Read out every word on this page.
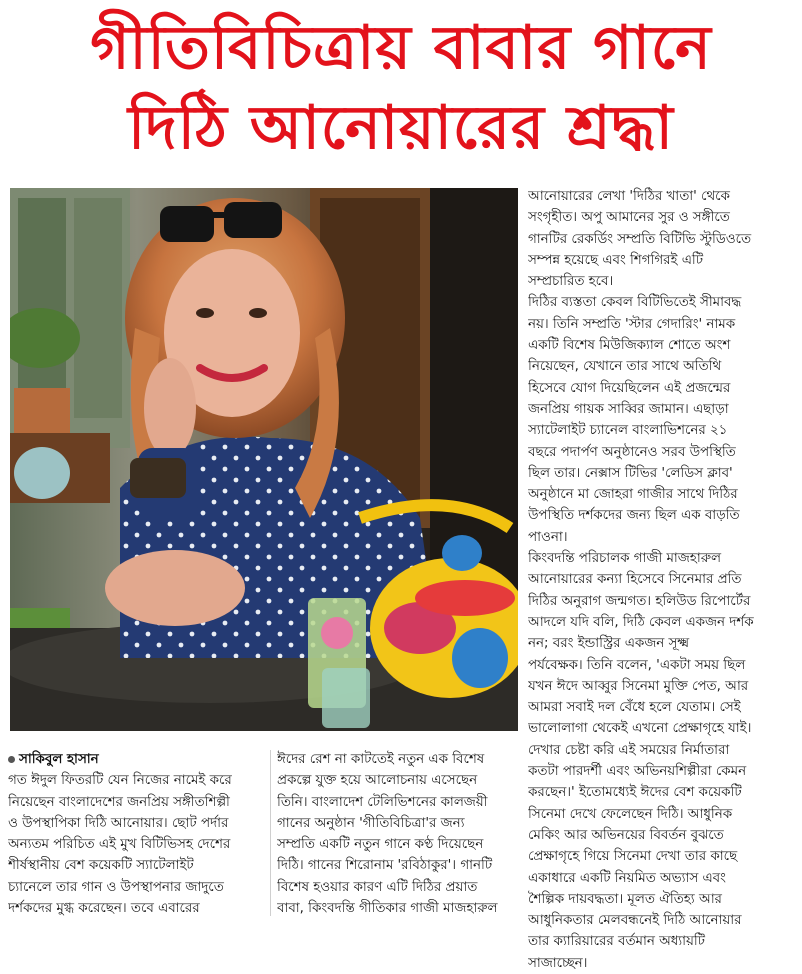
গীতিবিচিত্রায় বাবার গানে
দিঠি আনোয়ারের শ্রদ্ধা

আনোয়ারের লেখা 'দিঠির খাতা' থেকে

সংগৃহীত। অপু আমানের সুর ও সঙ্গীতে

গানটির রেকর্ডিং সম্প্রতি বিটিভি স্টুডিওতে

সম্পন্ন হয়েছে এবং শিগগিরই এটি

সম্প্রচারিত হবে।

দিঠির ব্যস্ততা কেবল বিটিভিতেই সীমাবদ্ধ

নয়। তিনি সম্প্রতি 'স্টার গেদারিং' নামক

একটি বিশেষ মিউজিক্যাল শোতে অংশ

নিয়েছেন, যেখানে তার সাথে অতিথি

হিসেবে যোগ দিয়েছিলেন এই প্রজন্মের

জনপ্রিয় গায়ক সাব্বির জামান। এছাড়া

স্যাটেলাইট চ্যানেল বাংলাভিশনের ২১

বছরে পদার্পণ অনুষ্ঠানেও সরব উপস্থিতি

ছিল তার। নেক্সাস টিভির 'লেডিস ক্লাব'

অনুষ্ঠানে মা জোহরা গাজীর সাথে দিঠির

উপস্থিতি দর্শকদের জন্য ছিল এক বাড়তি

পাওনা।

কিংবদন্তি পরিচালক গাজী মাজহারুল

আনোয়ারের কন্যা হিসেবে সিনেমার প্রতি

দিঠির অনুরাগ জন্মগত। হলিউড রিপোর্টের

আদলে যদি বলি, দিঠি কেবল একজন দর্শক

নন; বরং ইন্ডাস্ট্রির একজন সূক্ষ্ম

পর্যবেক্ষক। তিনি বলেন, 'একটা সময় ছিল

যখন ঈদে আব্বুর সিনেমা মুক্তি পেত, আর

আমরা সবাই দল বেঁধে হলে যেতাম। সেই

ভালোলাগা থেকেই এখনো প্রেক্ষাগৃহে যাই।

দেখার চেষ্টা করি এই সময়ের নির্মাতারা

কতটা পারদর্শী এবং অভিনয়শিল্পীরা কেমন

করছেন।' ইতোমধ্যেই ঈদের বেশ কয়েকটি

সিনেমা দেখে ফেলেছেন দিঠি। আধুনিক

মেকিং আর অভিনয়ের বিবর্তন বুঝতে

প্রেক্ষাগৃহে গিয়ে সিনেমা দেখা তার কাছে

একাধারে একটি নিয়মিত অভ্যাস এবং

শৈল্পিক দায়বদ্ধতা। মূলত ঐতিহ্য আর

আধুনিকতার মেলবন্ধনেই দিঠি আনোয়ার

তার ক্যারিয়ারের বর্তমান অধ্যায়টি

সাজাচ্ছেন।

সাকিবুল হাসান

গত ঈদুল ফিতরটি যেন নিজের নামেই করে

নিয়েছেন বাংলাদেশের জনপ্রিয় সঙ্গীতশিল্পী

ও উপস্থাপিকা দিঠি আনোয়ার। ছোট পর্দার

অন্যতম পরিচিত এই মুখ বিটিভিসহ দেশের

শীর্ষস্থানীয় বেশ কয়েকটি স্যাটেলাইট

চ্যানেলে তার গান ও উপস্থাপনার জাদুতে

দর্শকদের মুগ্ধ করেছেন। তবে এবারের

ঈদের রেশ না কাটতেই নতুন এক বিশেষ

প্রকল্পে যুক্ত হয়ে আলোচনায় এসেছেন

তিনি। বাংলাদেশ টেলিভিশনের কালজয়ী

গানের অনুষ্ঠান 'গীতিবিচিত্রা'র জন্য

সম্প্রতি একটি নতুন গানে কণ্ঠ দিয়েছেন

দিঠি। গানের শিরোনাম 'রবিঠাকুর'। গানটি

বিশেষ হওয়ার কারণ এটি দিঠির প্রয়াত

বাবা, কিংবদন্তি গীতিকার গাজী মাজহারুল
